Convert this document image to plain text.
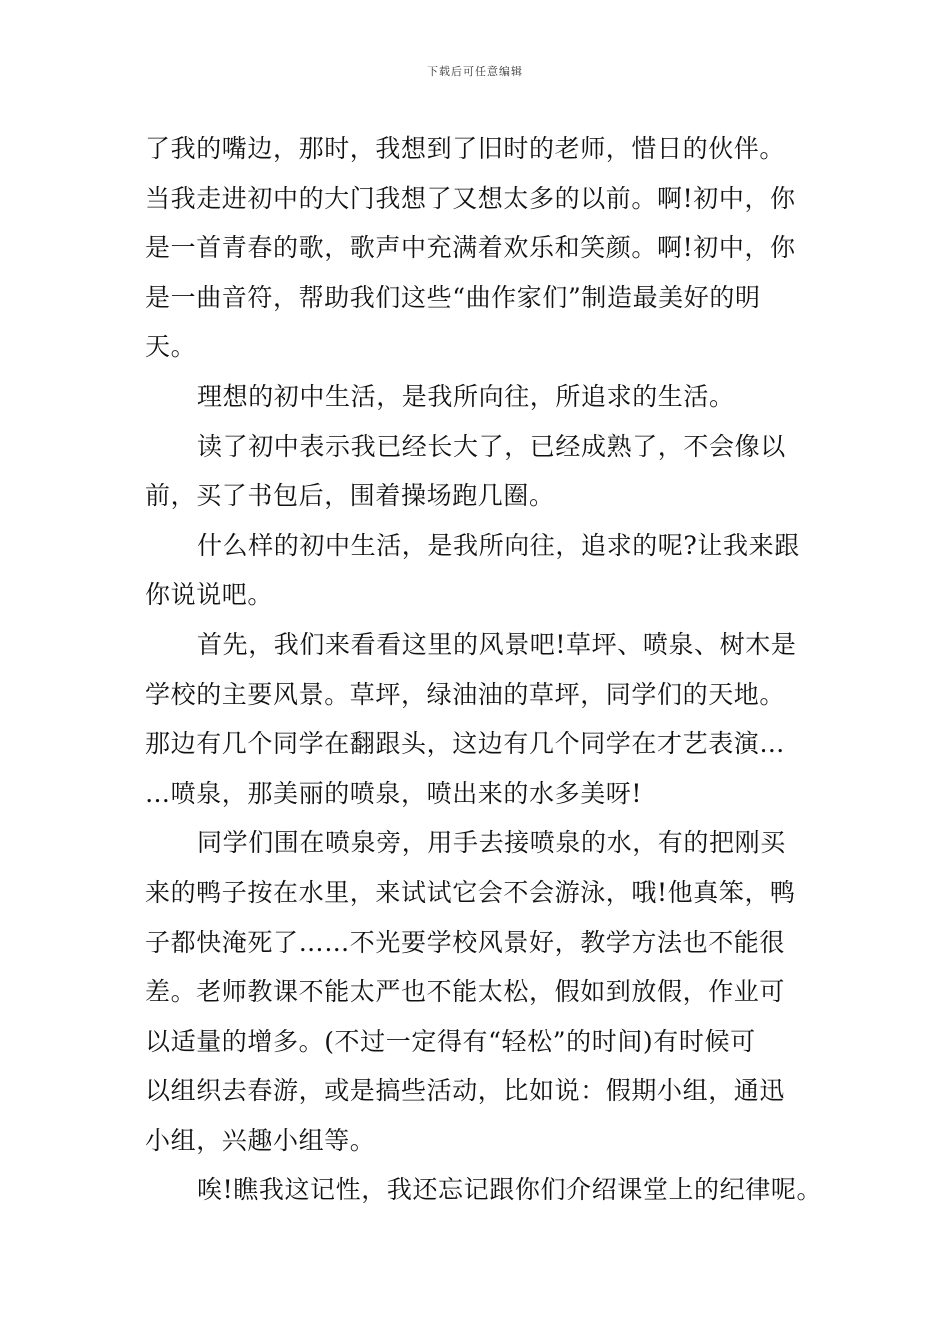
下载后可任意编辑
了我的嘴边，那时，我想到了旧时的老师，惜日的伙伴。
当我走进初中的大门我想了又想太多的以前。啊!初中，你
是一首青春的歌，歌声中充满着欢乐和笑颜。啊!初中，你
是一曲音符，帮助我们这些“曲作家们”制造最美好的明
天。
理想的初中生活，是我所向往，所追求的生活。
读了初中表示我已经长大了，已经成熟了，不会像以
前，买了书包后，围着操场跑几圈。
什么样的初中生活，是我所向往，追求的呢?让我来跟
你说说吧。
首先，我们来看看这里的风景吧!草坪、喷泉、树木是
学校的主要风景。草坪，绿油油的草坪，同学们的天地。
那边有几个同学在翻跟头，这边有几个同学在才艺表演…
…喷泉，那美丽的喷泉，喷出来的水多美呀!
同学们围在喷泉旁，用手去接喷泉的水，有的把刚买
来的鸭子按在水里，来试试它会不会游泳，哦!他真笨，鸭
子都快淹死了……不光要学校风景好，教学方法也不能很
差。老师教课不能太严也不能太松，假如到放假，作业可
以适量的增多。(不过一定得有“轻松”的时间)有时候可
以组织去春游，或是搞些活动，比如说：假期小组，通迅
小组，兴趣小组等。
唉!瞧我这记性，我还忘记跟你们介绍课堂上的纪律呢。
